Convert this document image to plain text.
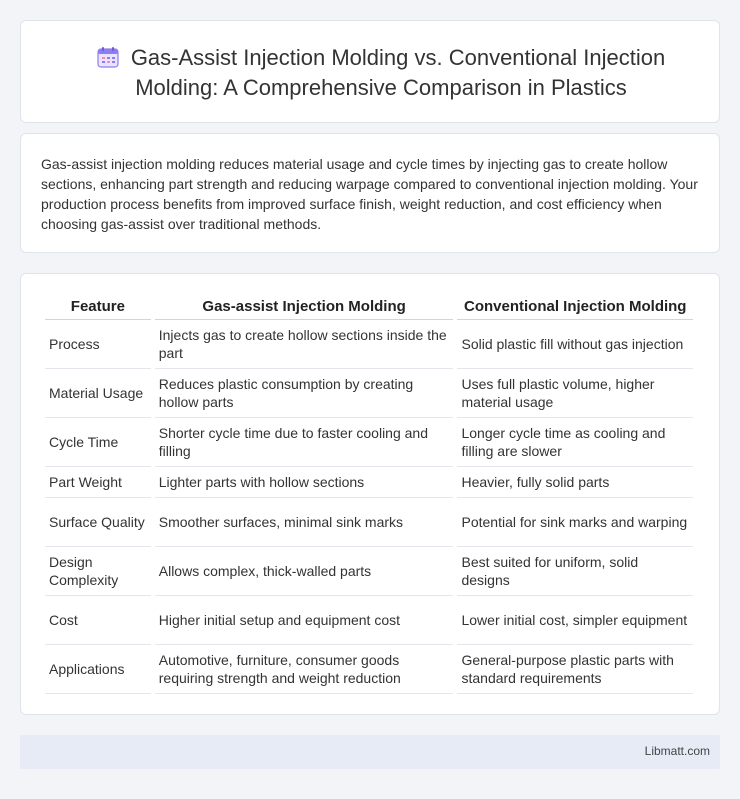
Gas-Assist Injection Molding vs. Conventional Injection Molding: A Comprehensive Comparison in Plastics

Gas-assist injection molding reduces material usage and cycle times by injecting gas to create hollow sections, enhancing part strength and reducing warpage compared to conventional injection molding. Your production process benefits from improved surface finish, weight reduction, and cost efficiency when choosing gas-assist over traditional methods.

Feature	Gas-assist Injection Molding	Conventional Injection Molding
Process	Injects gas to create hollow sections inside the part	Solid plastic fill without gas injection
Material Usage	Reduces plastic consumption by creating hollow parts	Uses full plastic volume, higher material usage
Cycle Time	Shorter cycle time due to faster cooling and filling	Longer cycle time as cooling and filling are slower
Part Weight	Lighter parts with hollow sections	Heavier, fully solid parts
Surface Quality	Smoother surfaces, minimal sink marks	Potential for sink marks and warping
Design Complexity	Allows complex, thick-walled parts	Best suited for uniform, solid designs
Cost	Higher initial setup and equipment cost	Lower initial cost, simpler equipment
Applications	Automotive, furniture, consumer goods requiring strength and weight reduction	General-purpose plastic parts with standard requirements
Libmatt.com
